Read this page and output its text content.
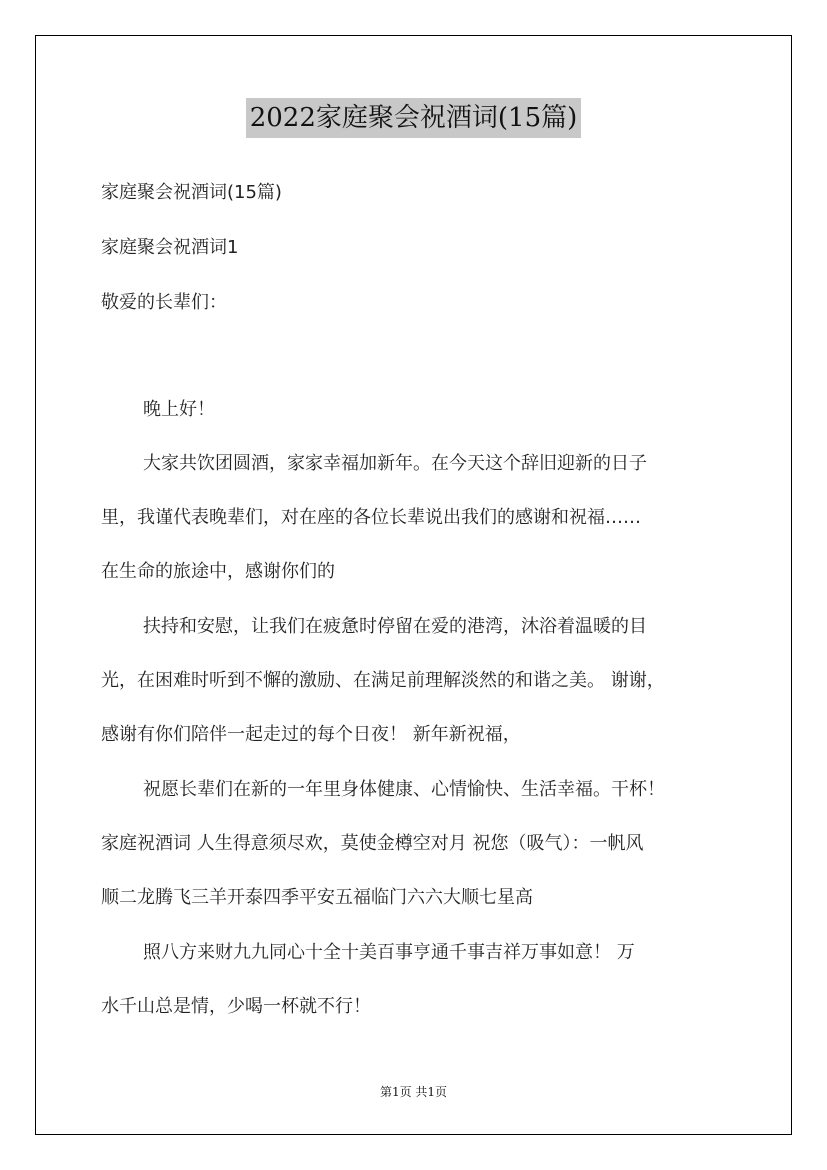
2022家庭聚会祝酒词(15篇)

家庭聚会祝酒词(15篇)

家庭聚会祝酒词1

敬爱的长辈们：

晚上好！

大家共饮团圆酒，家家幸福加新年。在今天这个辞旧迎新的日子

里，我谨代表晚辈们，对在座的各位长辈说出我们的感谢和祝福……

在生命的旅途中，感谢你们的

扶持和安慰，让我们在疲惫时停留在爱的港湾，沐浴着温暖的目

光，在困难时听到不懈的激励、在满足前理解淡然的和谐之美。 谢谢，

感谢有你们陪伴一起走过的每个日夜！ 新年新祝福，

祝愿长辈们在新的一年里身体健康、心情愉快、生活幸福。干杯！

家庭祝酒词 人生得意须尽欢，莫使金樽空对月 祝您（吸气）：一帆风

顺二龙腾飞三羊开泰四季平安五福临门六六大顺七星高

照八方来财九九同心十全十美百事亨通千事吉祥万事如意！ 万

水千山总是情，少喝一杯就不行！

第1页 共1页
